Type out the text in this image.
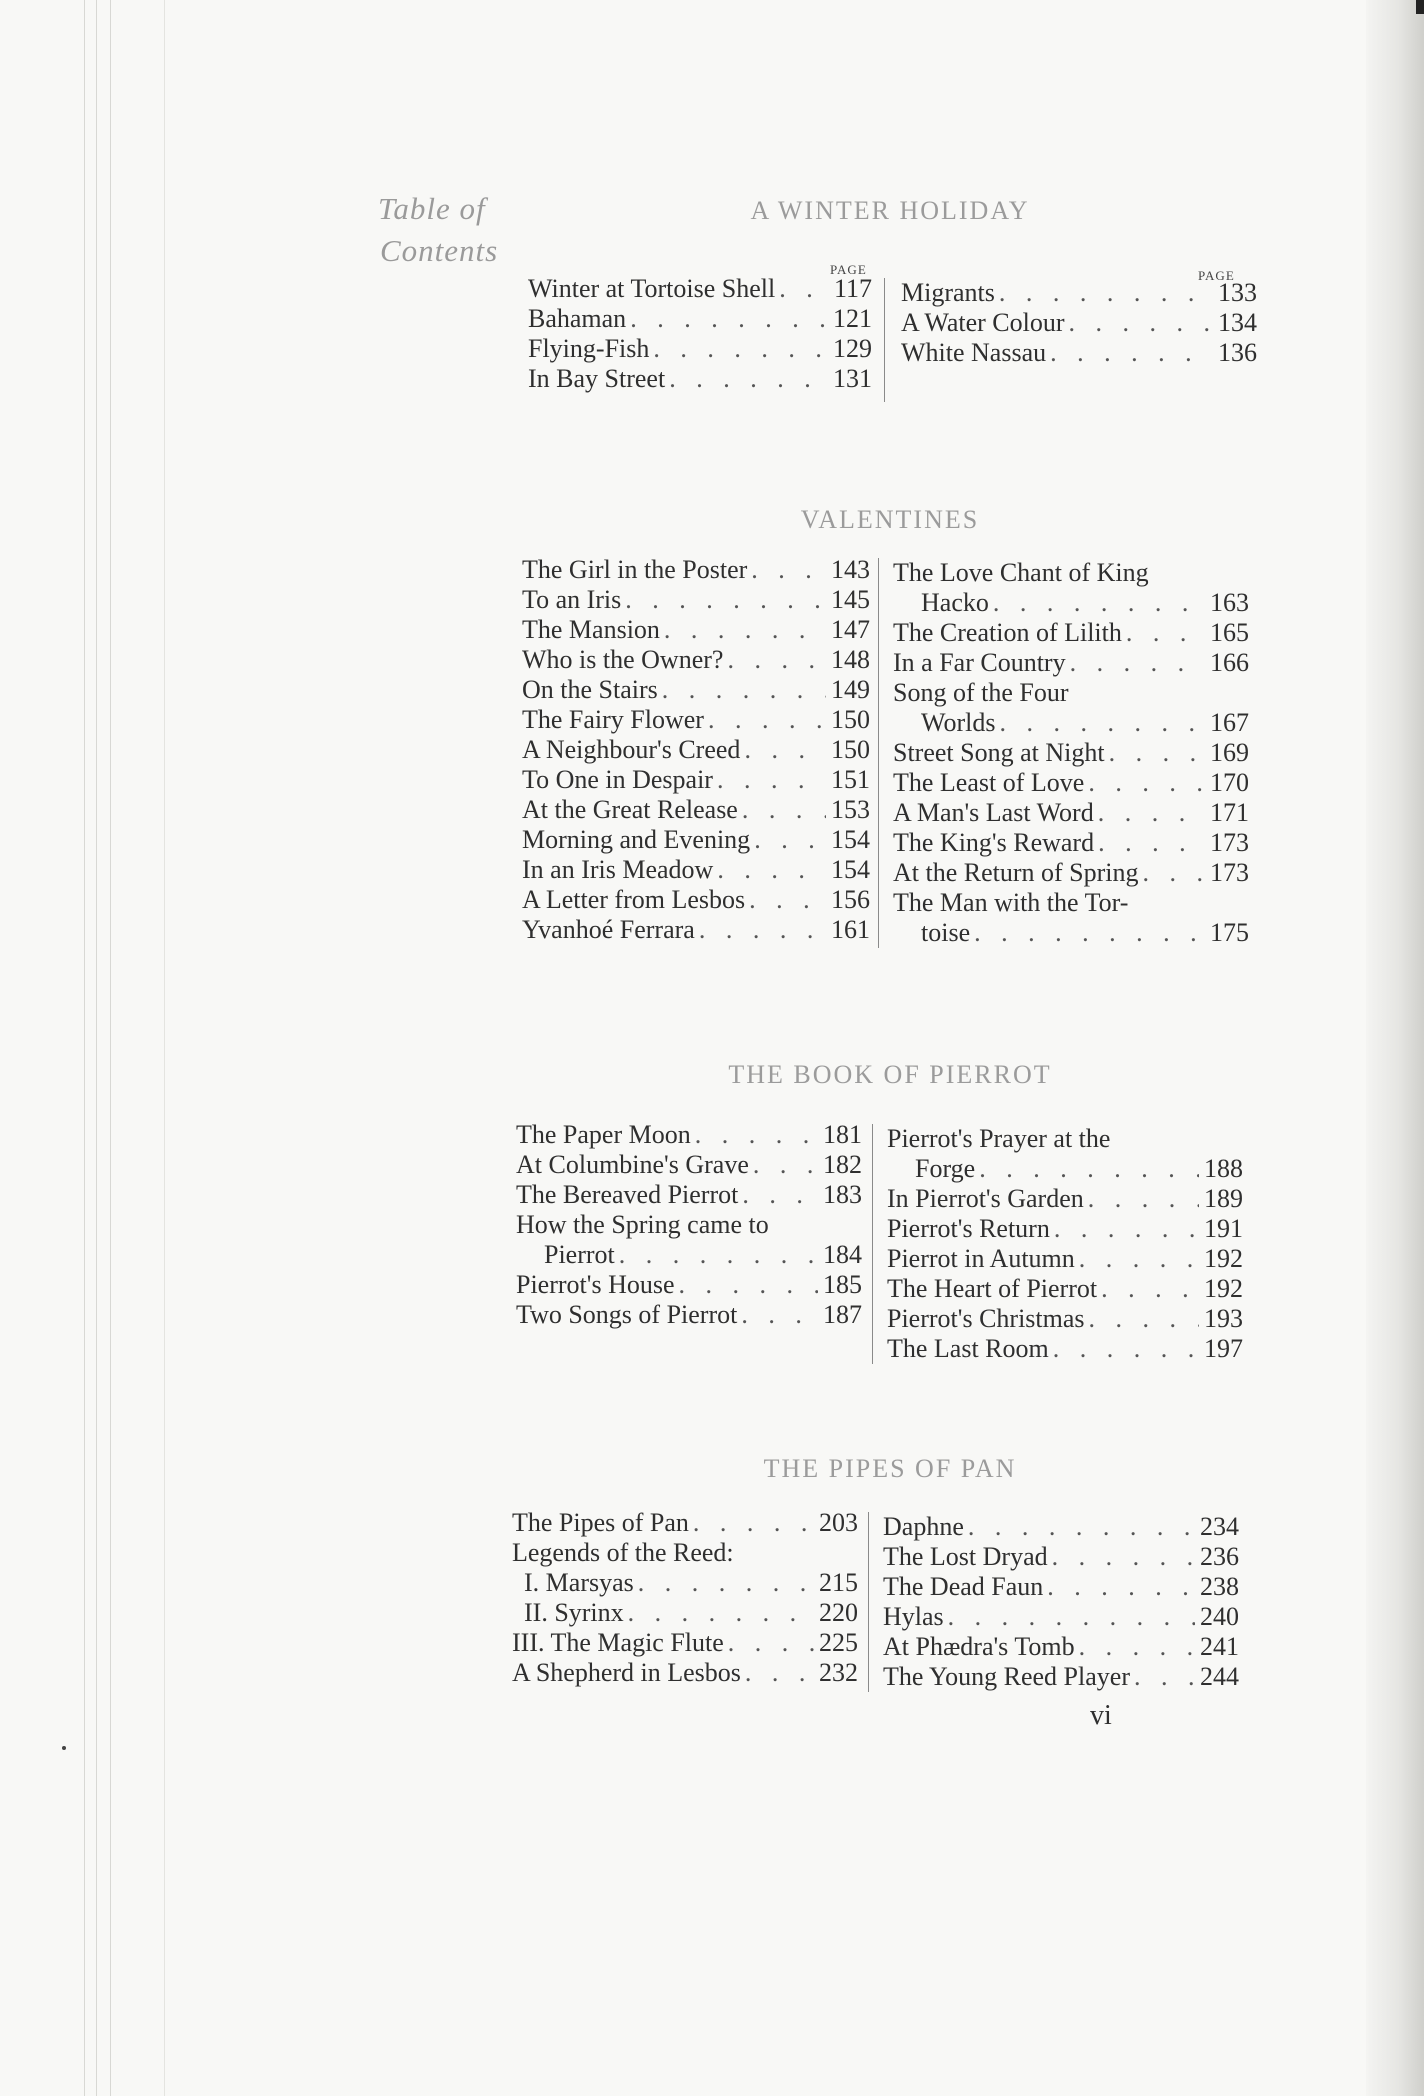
Table of
Contents
A WINTER HOLIDAY
PAGE	PAGE
Winter at Tortoise Shell . . . 117
Bahaman . . .	121
Flying-Fish . . .	129
In Bay Street . . .	131
Migrants . . .	133
A Water Colour . . .	134
White Nassau . . .	136
VALENTINES
The Girl in the Poster . . .	143
To an Iris . . .	145
The Mansion . . .	147
Who is the Owner? . . .	148
On the Stairs . . .	149
The Fairy Flower . . .	150
A Neighbour's Creed . . .	150
To One in Despair . . .	151
At the Great Release . . .	153
Morning and Evening . . .	154
In an Iris Meadow . . .	154
A Letter from Lesbos . . .	156
Yvanhoé Ferrara . . .	161
The Love Chant of King
Hacko . . .	163
The Creation of Lilith . . .	165
In a Far Country . . .	166
Song of the Four
Worlds . . .	167
Street Song at Night . . .	169
The Least of Love . . .	170
A Man's Last Word . . .	171
The King's Reward . . .	173
At the Return of Spring . . .	173
The Man with the Tor-
toise . . .	175
THE BOOK OF PIERROT
The Paper Moon . . .	181
At Columbine's Grave . . .	182
The Bereaved Pierrot . . .	183
How the Spring came to
Pierrot . . .	184
Pierrot's House . . .	185
Two Songs of Pierrot . . .	187
Pierrot's Prayer at the
Forge . . .	188
In Pierrot's Garden . . .	189
Pierrot's Return . . .	191
Pierrot in Autumn . . .	192
The Heart of Pierrot . . .	192
Pierrot's Christmas . . .	193
The Last Room . . .	197
THE PIPES OF PAN
The Pipes of Pan . . .	203
Legends of the Reed:
I. Marsyas . . .	215
II. Syrinx . . .	220
III. The Magic Flute . . .	225
A Shepherd in Lesbos . . .	232
Daphne . . .	234
The Lost Dryad . . .	236
The Dead Faun . . .	238
Hylas . . .	240
At Phædra's Tomb . . .	241
The Young Reed Player . . .	244
vi
